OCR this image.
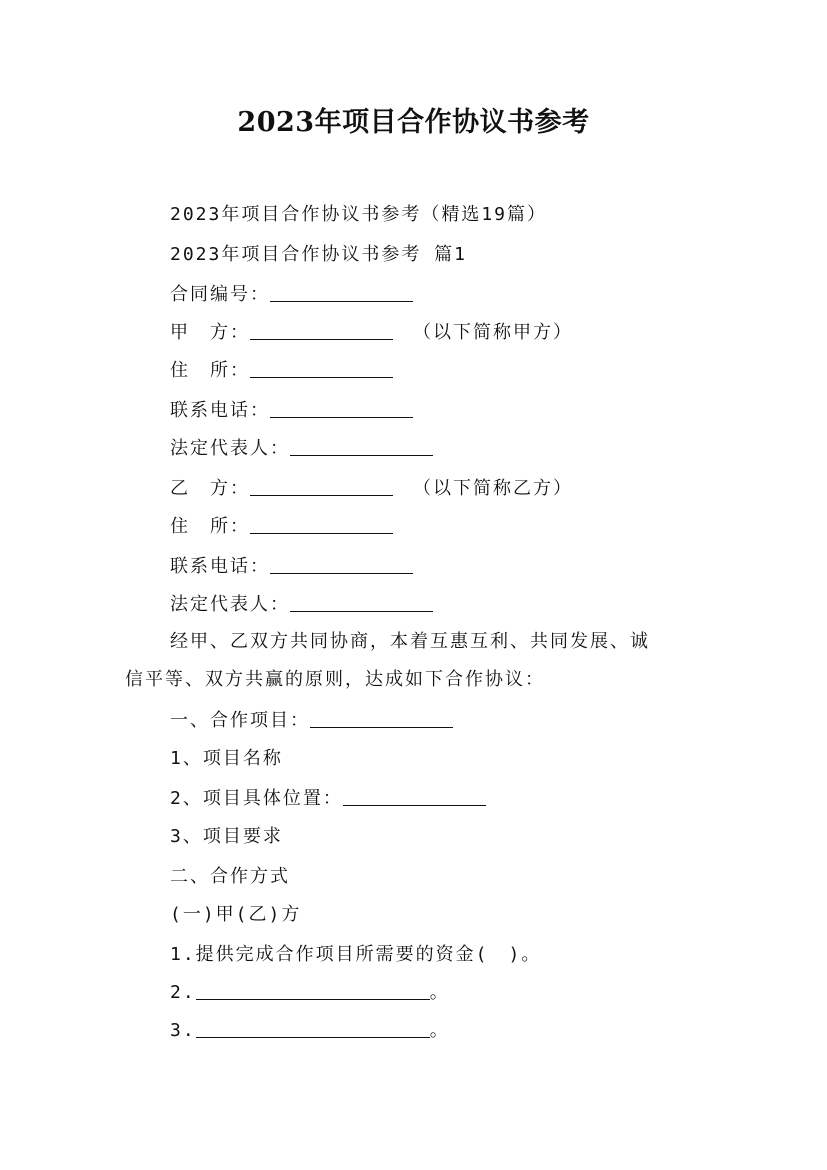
2023年项目合作协议书参考
2023年项目合作协议书参考（精选19篇）
2023年项目合作协议书参考 篇1
合同编号：
甲　方：	（以下简称甲方）
住　所：
联系电话：
法定代表人：
乙　方：	（以下简称乙方）
住　所：
联系电话：
法定代表人：
经甲、乙双方共同协商，本着互惠互利、共同发展、诚
信平等、双方共赢的原则，达成如下合作协议：
一、合作项目：
1、项目名称
2、项目具体位置：
3、项目要求
二、合作方式
(一)甲(乙)方
1.提供完成合作项目所需要的资金(　)。
2.	。
3.	。
